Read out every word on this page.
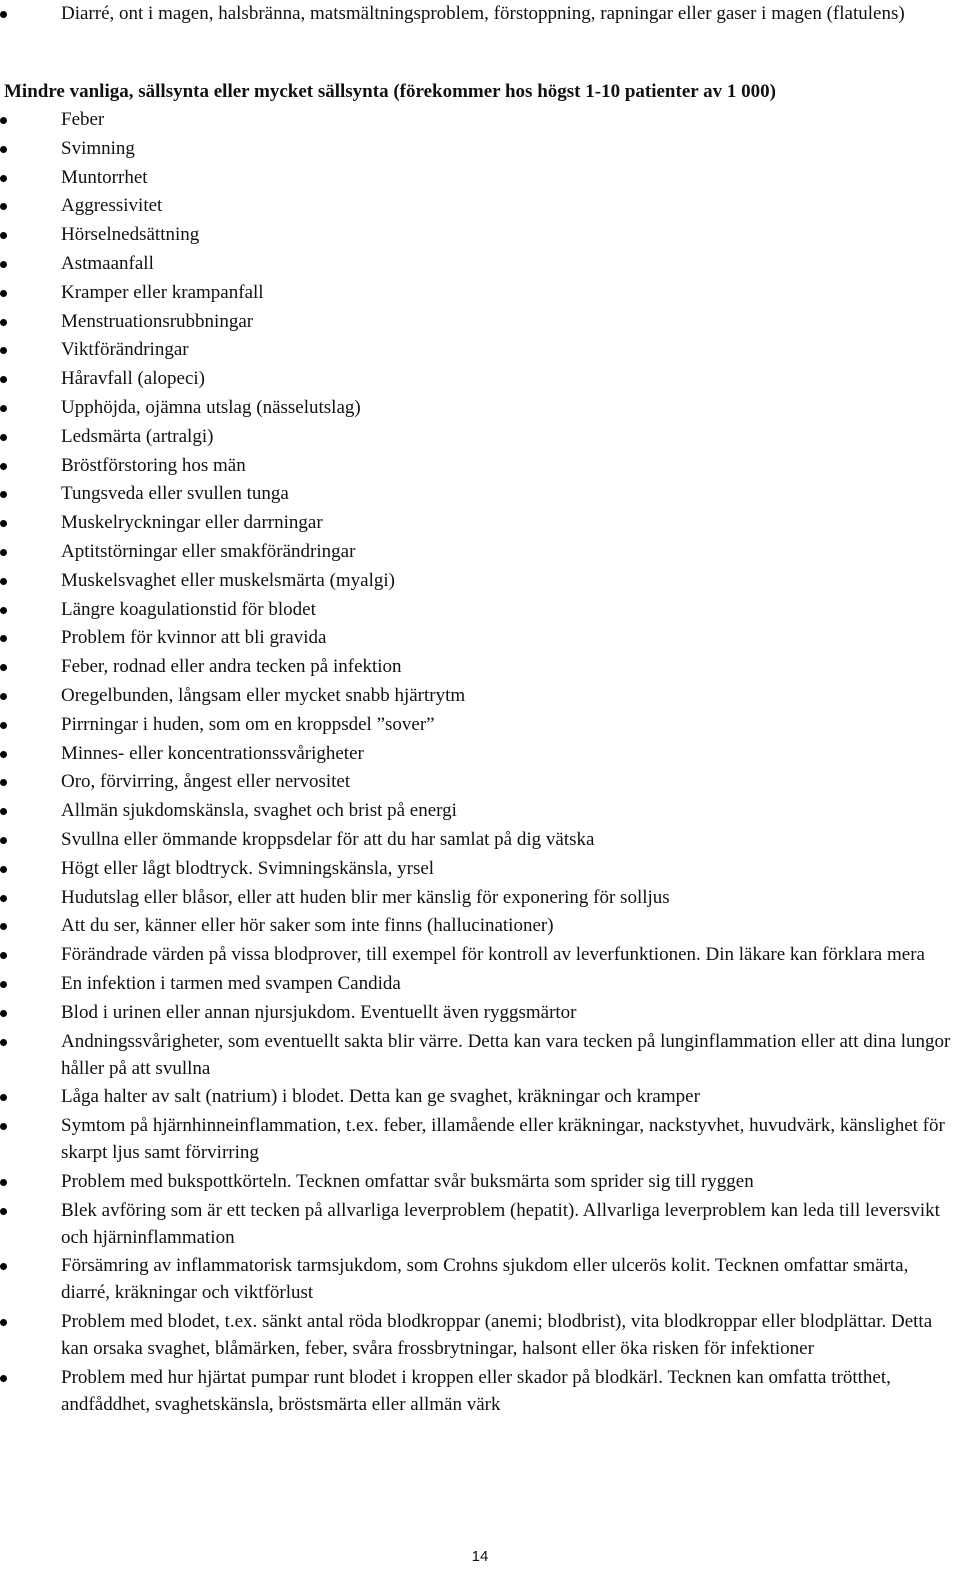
Diarré, ont i magen, halsbränna, matsmältningsproblem, förstoppning, rapningar eller gaser i magen (flatulens)
Mindre vanliga, sällsynta eller mycket sällsynta (förekommer hos högst 1-10 patienter av 1 000)
Feber
Svimning
Muntorrhet
Aggressivitet
Hörselnedsättning
Astmaanfall
Kramper eller krampanfall
Menstruationsrubbningar
Viktförändringar
Håravfall (alopeci)
Upphöjda, ojämna utslag (nässelutslag)
Ledsmärta (artralgi)
Bröstförstoring hos män
Tungsveda eller svullen tunga
Muskelryckningar eller darrningar
Aptitstörningar eller smakförändringar
Muskelsvaghet eller muskelsmärta (myalgi)
Längre koagulationstid för blodet
Problem för kvinnor att bli gravida
Feber, rodnad eller andra tecken på infektion
Oregelbunden, långsam eller mycket snabb hjärtrytm
Pirrningar i huden, som om en kroppsdel ”sover”
Minnes- eller koncentrationssvårigheter
Oro, förvirring, ångest eller nervositet
Allmän sjukdomskänsla, svaghet och brist på energi
Svullna eller ömmande kroppsdelar för att du har samlat på dig vätska
Högt eller lågt blodtryck. Svimningskänsla, yrsel
Hudutslag eller blåsor, eller att huden blir mer känslig för exponering för solljus
Att du ser, känner eller hör saker som inte finns (hallucinationer)
Förändrade värden på vissa blodprover, till exempel för kontroll av leverfunktionen. Din läkare kan förklara mera
En infektion i tarmen med svampen Candida
Blod i urinen eller annan njursjukdom. Eventuellt även ryggsmärtor
Andningssvårigheter, som eventuellt sakta blir värre. Detta kan vara tecken på lunginflammation eller att dina lungor håller på att svullna
Låga halter av salt (natrium) i blodet. Detta kan ge svaghet, kräkningar och kramper
Symtom på hjärnhinneinflammation, t.ex. feber, illamående eller kräkningar, nackstyvhet, huvudvärk, känslighet för skarpt ljus samt förvirring
Problem med bukspottkörteln. Tecknen omfattar svår buksmärta som sprider sig till ryggen
Blek avföring som är ett tecken på allvarliga leverproblem (hepatit). Allvarliga leverproblem kan leda till leversvikt och hjärninflammation
Försämring av inflammatorisk tarmsjukdom, som Crohns sjukdom eller ulcerös kolit. Tecknen omfattar smärta, diarré, kräkningar och viktförlust
Problem med blodet, t.ex. sänkt antal röda blodkroppar (anemi; blodbrist), vita blodkroppar eller blodplättar. Detta kan orsaka svaghet, blåmärken, feber, svåra frossbrytningar, halsont eller öka risken för infektioner
Problem med hur hjärtat pumpar runt blodet i kroppen eller skador på blodkärl. Tecknen kan omfatta trötthet, andfåddhet, svaghetskänsla, bröstsmärta eller allmän värk
14
